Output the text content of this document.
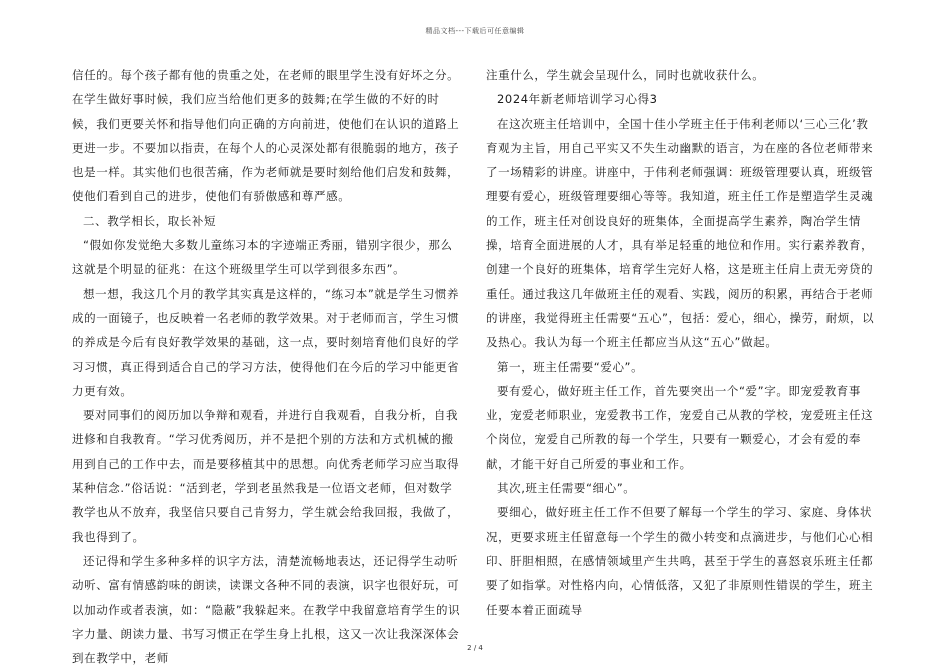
精品文档---下载后可任意编辑

信任的。每个孩子都有他的贵重之处，在老师的眼里学生没有好坏之分。在学生做好事时候，我们应当给他们更多的鼓舞;在学生做的不好的时候，我们更要关怀和指导他们向正确的方向前进，使他们在认识的道路上更进一步。不要加以指责，在每个人的心灵深处都有很脆弱的地方，孩子也是一样。其实他们也很苦痛，作为老师就是要时刻给他们启发和鼓舞，使他们看到自己的进步，使他们有骄傲感和尊严感。

二、教学相长，取长补短

“假如你发觉绝大多数儿童练习本的字迹端正秀丽，错别字很少，那么这就是个明显的征兆：在这个班级里学生可以学到很多东西”。

想一想，我这几个月的教学其实真是这样的，“练习本”就是学生习惯养成的一面镜子，也反映着一名老师的教学效果。对于老师而言，学生习惯的养成是今后有良好教学效果的基础，这一点，要时刻培育他们良好的学习习惯，真正得到适合自己的学习方法，使得他们在今后的学习中能更省力更有效。

要对同事们的阅历加以争辩和观看，并进行自我观看，自我分析，自我进修和自我教育。“学习优秀阅历，并不是把个别的方法和方式机械的搬用到自己的工作中去，而是要移植其中的思想。向优秀老师学习应当取得某种信念.”俗话说：“活到老，学到老虽然我是一位语文老师，但对数学教学也从不放弃，我坚信只要自己肯努力，学生就会给我回报，我做了，我也得到了。

还记得和学生多种多样的识字方法，清楚流畅地表达，还记得学生动听动听、富有情感韵味的朗读，读课文各种不同的表演，识字也很好玩，可以加动作或者表演，如：“隐蔽”我躲起来。在教学中我留意培育学生的识字力量、朗读力量、书写习惯正在学生身上扎根，这又一次让我深深体会到在教学中，老师

注重什么，学生就会呈现什么，同时也就收获什么。

2024年新老师培训学习心得3

在这次班主任培训中，全国十佳小学班主任于伟利老师以‘三心三化’教育观为主旨，用自己平实又不失生动幽默的语言，为在座的各位老师带来了一场精彩的讲座。讲座中，于伟利老师强调：班级管理要认真，班级管理要有爱心，班级管理要细心等等。我知道，班主任工作是塑造学生灵魂的工作，班主任对创设良好的班集体，全面提高学生素养，陶冶学生情操，培育全面进展的人才，具有举足轻重的地位和作用。实行素养教育，创建一个良好的班集体，培育学生完好人格，这是班主任肩上责无旁贷的重任。通过我这几年做班主任的观看、实践，阅历的积累，再结合于老师的讲座，我觉得班主任需要“五心”，包括：爱心，细心，操劳，耐烦，以及热心。我认为每一个班主任都应当从这“五心”做起。

第一，班主任需要“爱心”。

要有爱心，做好班主任工作，首先要突出一个“爱”字。即宠爱教育事业，宠爱老师职业，宠爱教书工作，宠爱自己从教的学校，宠爱班主任这个岗位，宠爱自己所教的每一个学生，只要有一颗爱心，才会有爱的奉献，才能干好自己所爱的事业和工作。

其次,班主任需要“细心”。

要细心，做好班主任工作不但要了解每一个学生的学习、家庭、身体状况，更要求班主任留意每一个学生的微小转变和点滴进步，与他们心心相印、肝胆相照，在感情领域里产生共鸣，甚至于学生的喜怒哀乐班主任都要了如指掌。对性格内向，心情低落，又犯了非原则性错误的学生，班主任要本着正面疏导

2 / 4
